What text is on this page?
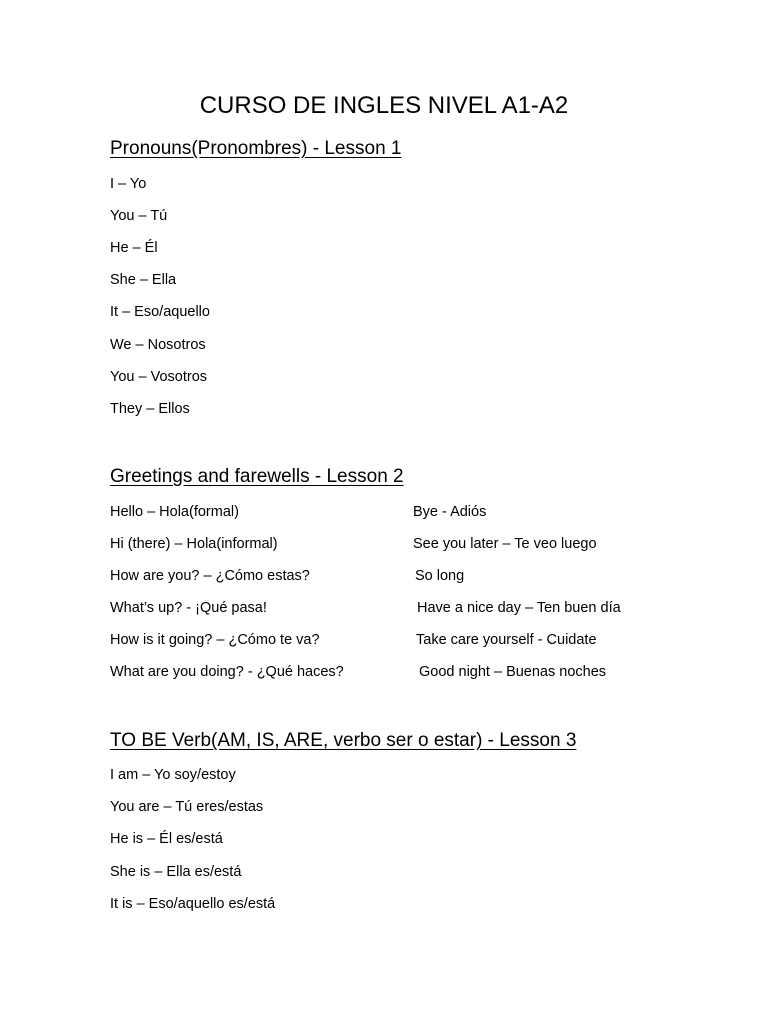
CURSO DE INGLES NIVEL A1-A2
Pronouns(Pronombres) - Lesson 1
I – Yo
You – Tú
He – Él
She – Ella
It – Eso/aquello
We – Nosotros
You – Vosotros
They – Ellos
Greetings and farewells - Lesson 2
Hello – Hola(formal)
Hi (there) – Hola(informal)
How are you? – ¿Cómo estas?
What’s up? - ¡Qué pasa!
How is it going? – ¿Cómo te va?
What are you doing? - ¿Qué haces?
Bye - Adiós
See you later – Te veo luego
So long
Have a nice day – Ten buen día
Take care yourself - Cuidate
Good night – Buenas noches
TO BE Verb(AM, IS, ARE, verbo ser o estar) - Lesson 3
I am – Yo soy/estoy
You are – Tú eres/estas
He is – Él es/está
She is – Ella es/está
It is – Eso/aquello es/está
